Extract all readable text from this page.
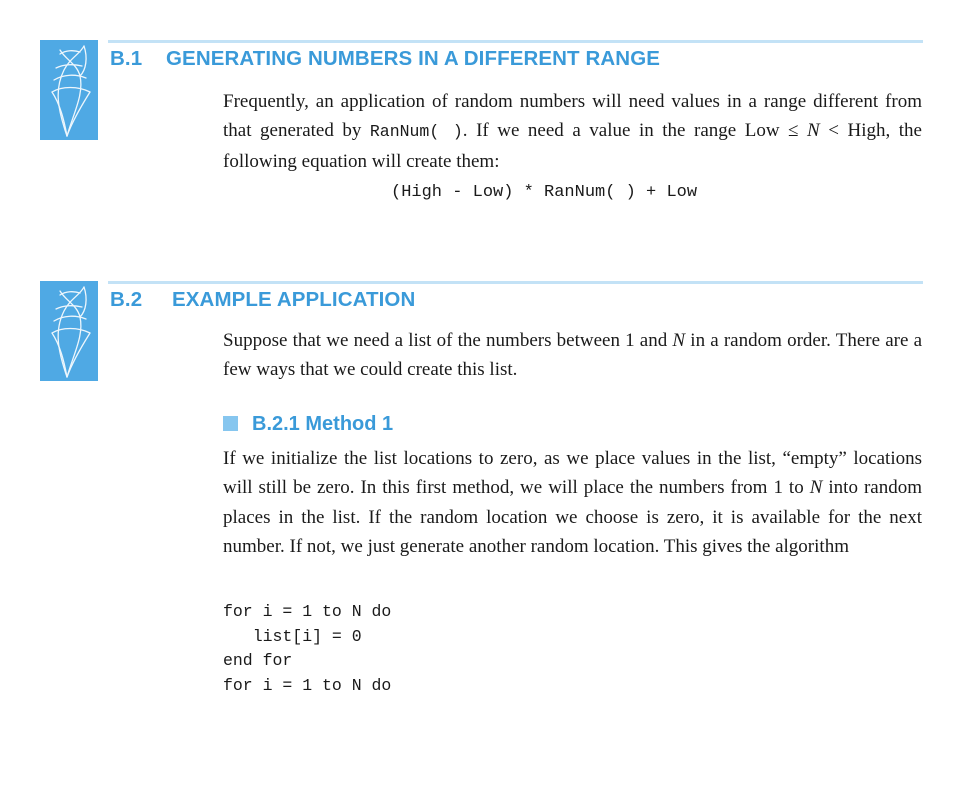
B.1 GENERATING NUMBERS IN A DIFFERENT RANGE

Frequently, an application of random numbers will need values in a range different from that generated by RanNum( ). If we need a value in the range Low ≤ N < High, the following equation will create them:

(High - Low) * RanNum( ) + Low

B.2 EXAMPLE APPLICATION

Suppose that we need a list of the numbers between 1 and N in a random order. There are a few ways that we could create this list.

B.2.1 Method 1

If we initialize the list locations to zero, as we place values in the list, “empty” locations will still be zero. In this first method, we will place the numbers from 1 to N into random places in the list. If the random location we choose is zero, it is available for the next number. If not, we just generate another random location. This gives the algorithm

for i = 1 to N do
list[i] = 0
end for
for i = 1 to N do
